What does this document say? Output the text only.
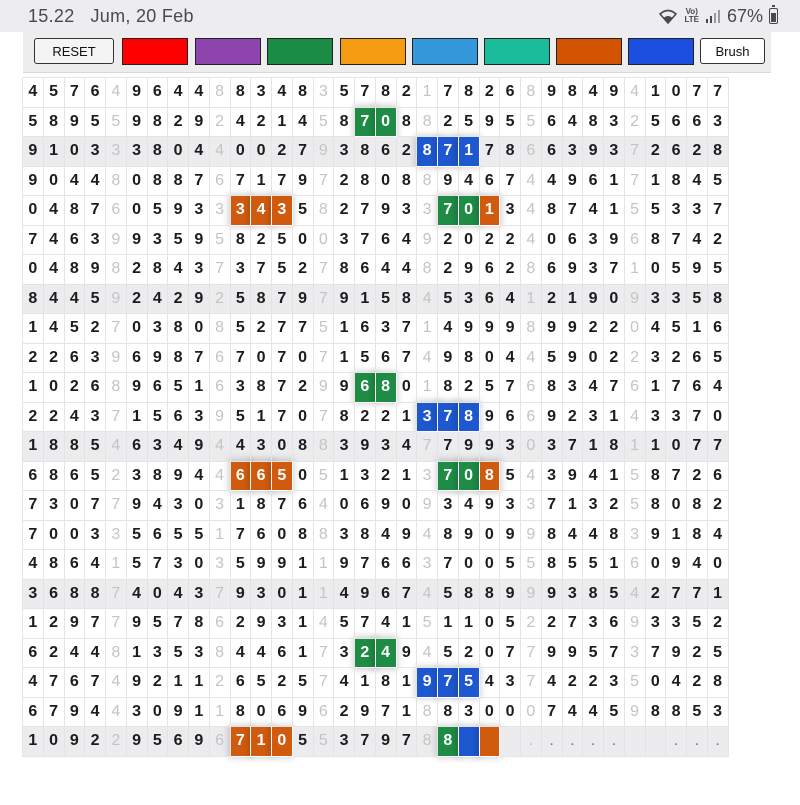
15.22 Jum, 20 Feb	Vo)
LTE 67%
RESET	Brush
4	5	7	6	4	9	6	4	4	8	8	3	4	8	3	5	7	8	2	1	7	8	2	6	8	9	8	4	9	4	1	0	7	7
5	8	9	5	5	9	8	2	9	2	4	2	1	4	5	8	7	0	8	8	2	5	9	5	5	6	4	8	3	2	5	6	6	3
9	1	0	3	3	3	8	0	4	4	0	0	2	7	9	3	8	6	2	8	7	1	7	8	6	6	3	9	3	7	2	6	2	8
9	0	4	4	8	0	8	8	7	6	7	1	7	9	7	2	8	0	8	8	9	4	6	7	4	4	9	6	1	7	1	8	4	5
0	4	8	7	6	0	5	9	3	3	3	4	3	5	8	2	7	9	3	3	7	0	1	3	4	8	7	4	1	5	5	3	3	7
7	4	6	3	9	9	3	5	9	5	8	2	5	0	0	3	7	6	4	9	2	0	2	2	4	0	6	3	9	6	8	7	4	2
0	4	8	9	8	2	8	4	3	7	3	7	5	2	7	8	6	4	4	8	2	9	6	2	8	6	9	3	7	1	0	5	9	5
8	4	4	5	9	2	4	2	9	2	5	8	7	9	7	9	1	5	8	4	5	3	6	4	1	2	1	9	0	9	3	3	5	8
1	4	5	2	7	0	3	8	0	8	5	2	7	7	5	1	6	3	7	1	4	9	9	9	8	9	9	2	2	0	4	5	1	6
2	2	6	3	9	6	9	8	7	6	7	0	7	0	7	1	5	6	7	4	9	8	0	4	4	5	9	0	2	2	3	2	6	5
1	0	2	6	8	9	6	5	1	6	3	8	7	2	9	9	6	8	0	1	8	2	5	7	6	8	3	4	7	6	1	7	6	4
2	2	4	3	7	1	5	6	3	9	5	1	7	0	7	8	2	2	1	3	7	8	9	6	6	9	2	3	1	4	3	3	7	0
1	8	8	5	4	6	3	4	9	4	4	3	0	8	8	3	9	3	4	7	7	9	9	3	0	3	7	1	8	1	1	0	7	7
6	8	6	5	2	3	8	9	4	4	6	6	5	0	5	1	3	2	1	3	7	0	8	5	4	3	9	4	1	5	8	7	2	6
7	3	0	7	7	9	4	3	0	3	1	8	7	6	4	0	6	9	0	9	3	4	9	3	3	7	1	3	2	5	8	0	8	2
7	0	0	3	3	5	6	5	5	1	7	6	0	8	8	3	8	4	9	4	8	9	0	9	9	8	4	4	8	3	9	1	8	4
4	8	6	4	1	5	7	3	0	3	5	9	9	1	1	9	7	6	6	3	7	0	0	5	5	8	5	5	1	6	0	9	4	0
3	6	8	8	7	4	0	4	3	7	9	3	0	1	1	4	9	6	7	4	5	8	8	9	9	9	3	8	5	4	2	7	7	1
1	2	9	7	7	9	5	7	8	6	2	9	3	1	4	5	7	4	1	5	1	1	0	5	2	2	7	3	6	9	3	3	5	2
6	2	4	4	8	1	3	5	3	8	4	4	6	1	7	3	2	4	9	4	5	2	0	7	7	9	9	5	7	3	7	9	2	5
4	7	6	7	4	9	2	1	1	2	6	5	2	5	7	4	1	8	1	9	7	5	4	3	7	4	2	2	3	5	0	4	2	8
6	7	9	4	4	3	0	9	1	1	8	0	6	9	6	2	9	7	1	8	8	3	0	0	0	7	4	4	5	9	8	8	5	3
1	0	9	2	2	9	5	6	9	6	7	1	0	5	5	3	7	9	7	8	8				.	.	.	.	.			.	.	.
